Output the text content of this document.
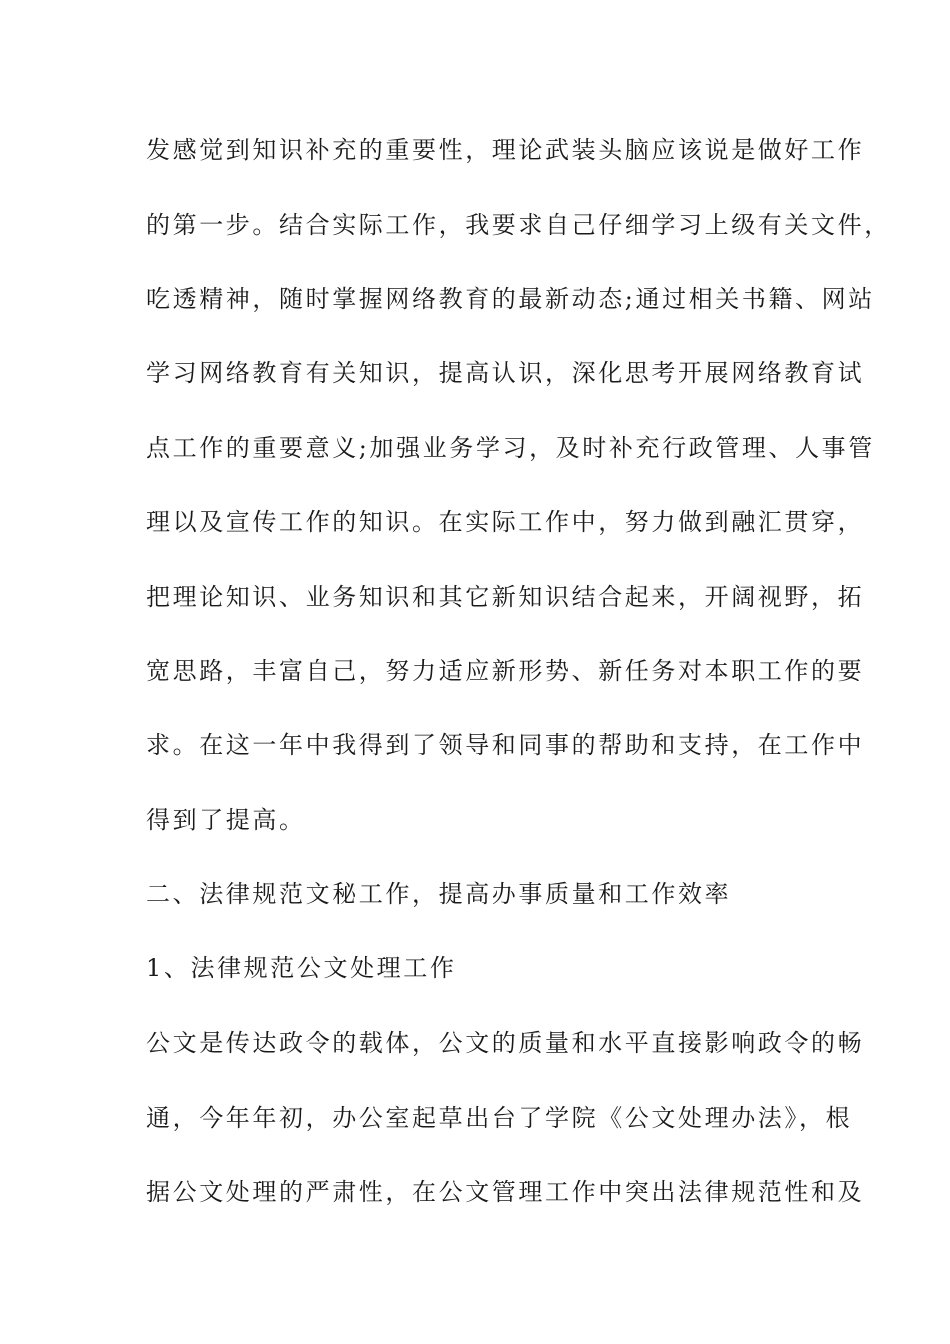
发感觉到知识补充的重要性，理论武装头脑应该说是做好工作
的第一步。结合实际工作，我要求自己仔细学习上级有关文件，
吃透精神，随时掌握网络教育的最新动态;通过相关书籍、网站
学习网络教育有关知识，提高认识，深化思考开展网络教育试
点工作的重要意义;加强业务学习，及时补充行政管理、人事管
理以及宣传工作的知识。在实际工作中，努力做到融汇贯穿，
把理论知识、业务知识和其它新知识结合起来，开阔视野，拓
宽思路，丰富自己，努力适应新形势、新任务对本职工作的要
求。在这一年中我得到了领导和同事的帮助和支持，在工作中
得到了提高。
二、法律规范文秘工作，提高办事质量和工作效率
1、法律规范公文处理工作
公文是传达政令的载体，公文的质量和水平直接影响政令的畅
通，今年年初，办公室起草出台了学院《公文处理办法》，根
据公文处理的严肃性，在公文管理工作中突出法律规范性和及
